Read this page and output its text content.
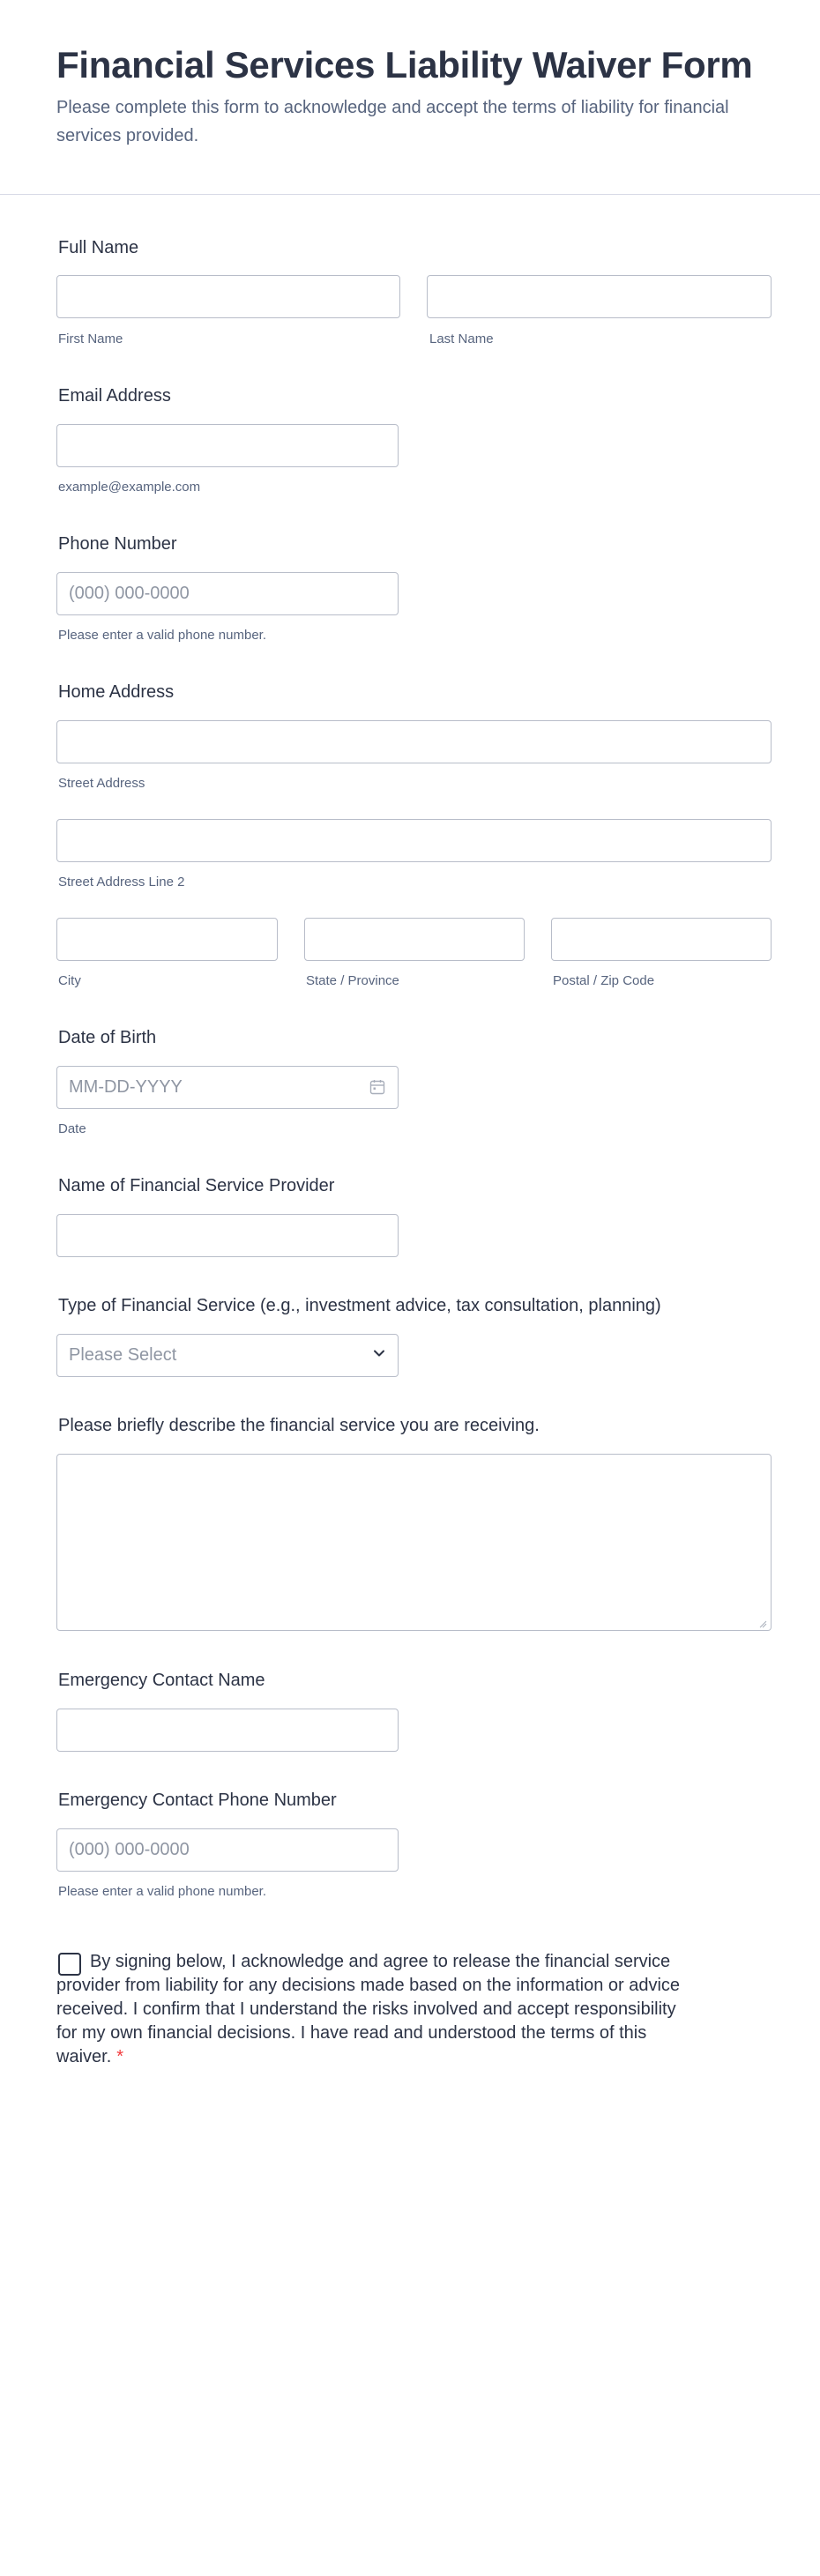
Financial Services Liability Waiver Form

Please complete this form to acknowledge and accept the terms of liability for financial services provided.

Full Name
First Name	Last Name
Email Address
example@example.com
Phone Number
(000) 000-0000
Please enter a valid phone number.
Home Address
Street Address
Street Address Line 2
City	State / Province	Postal / Zip Code
Date of Birth
MM-DD-YYYY
Date
Name of Financial Service Provider
Type of Financial Service (e.g., investment advice, tax consultation, planning)
Please Select
Please briefly describe the financial service you are receiving.
Emergency Contact Name
Emergency Contact Phone Number
(000) 000-0000
Please enter a valid phone number.

By signing below, I acknowledge and agree to release the financial service provider from liability for any decisions made based on the information or advice received. I confirm that I understand the risks involved and accept responsibility for my own financial decisions. I have read and understood the terms of this waiver. *
